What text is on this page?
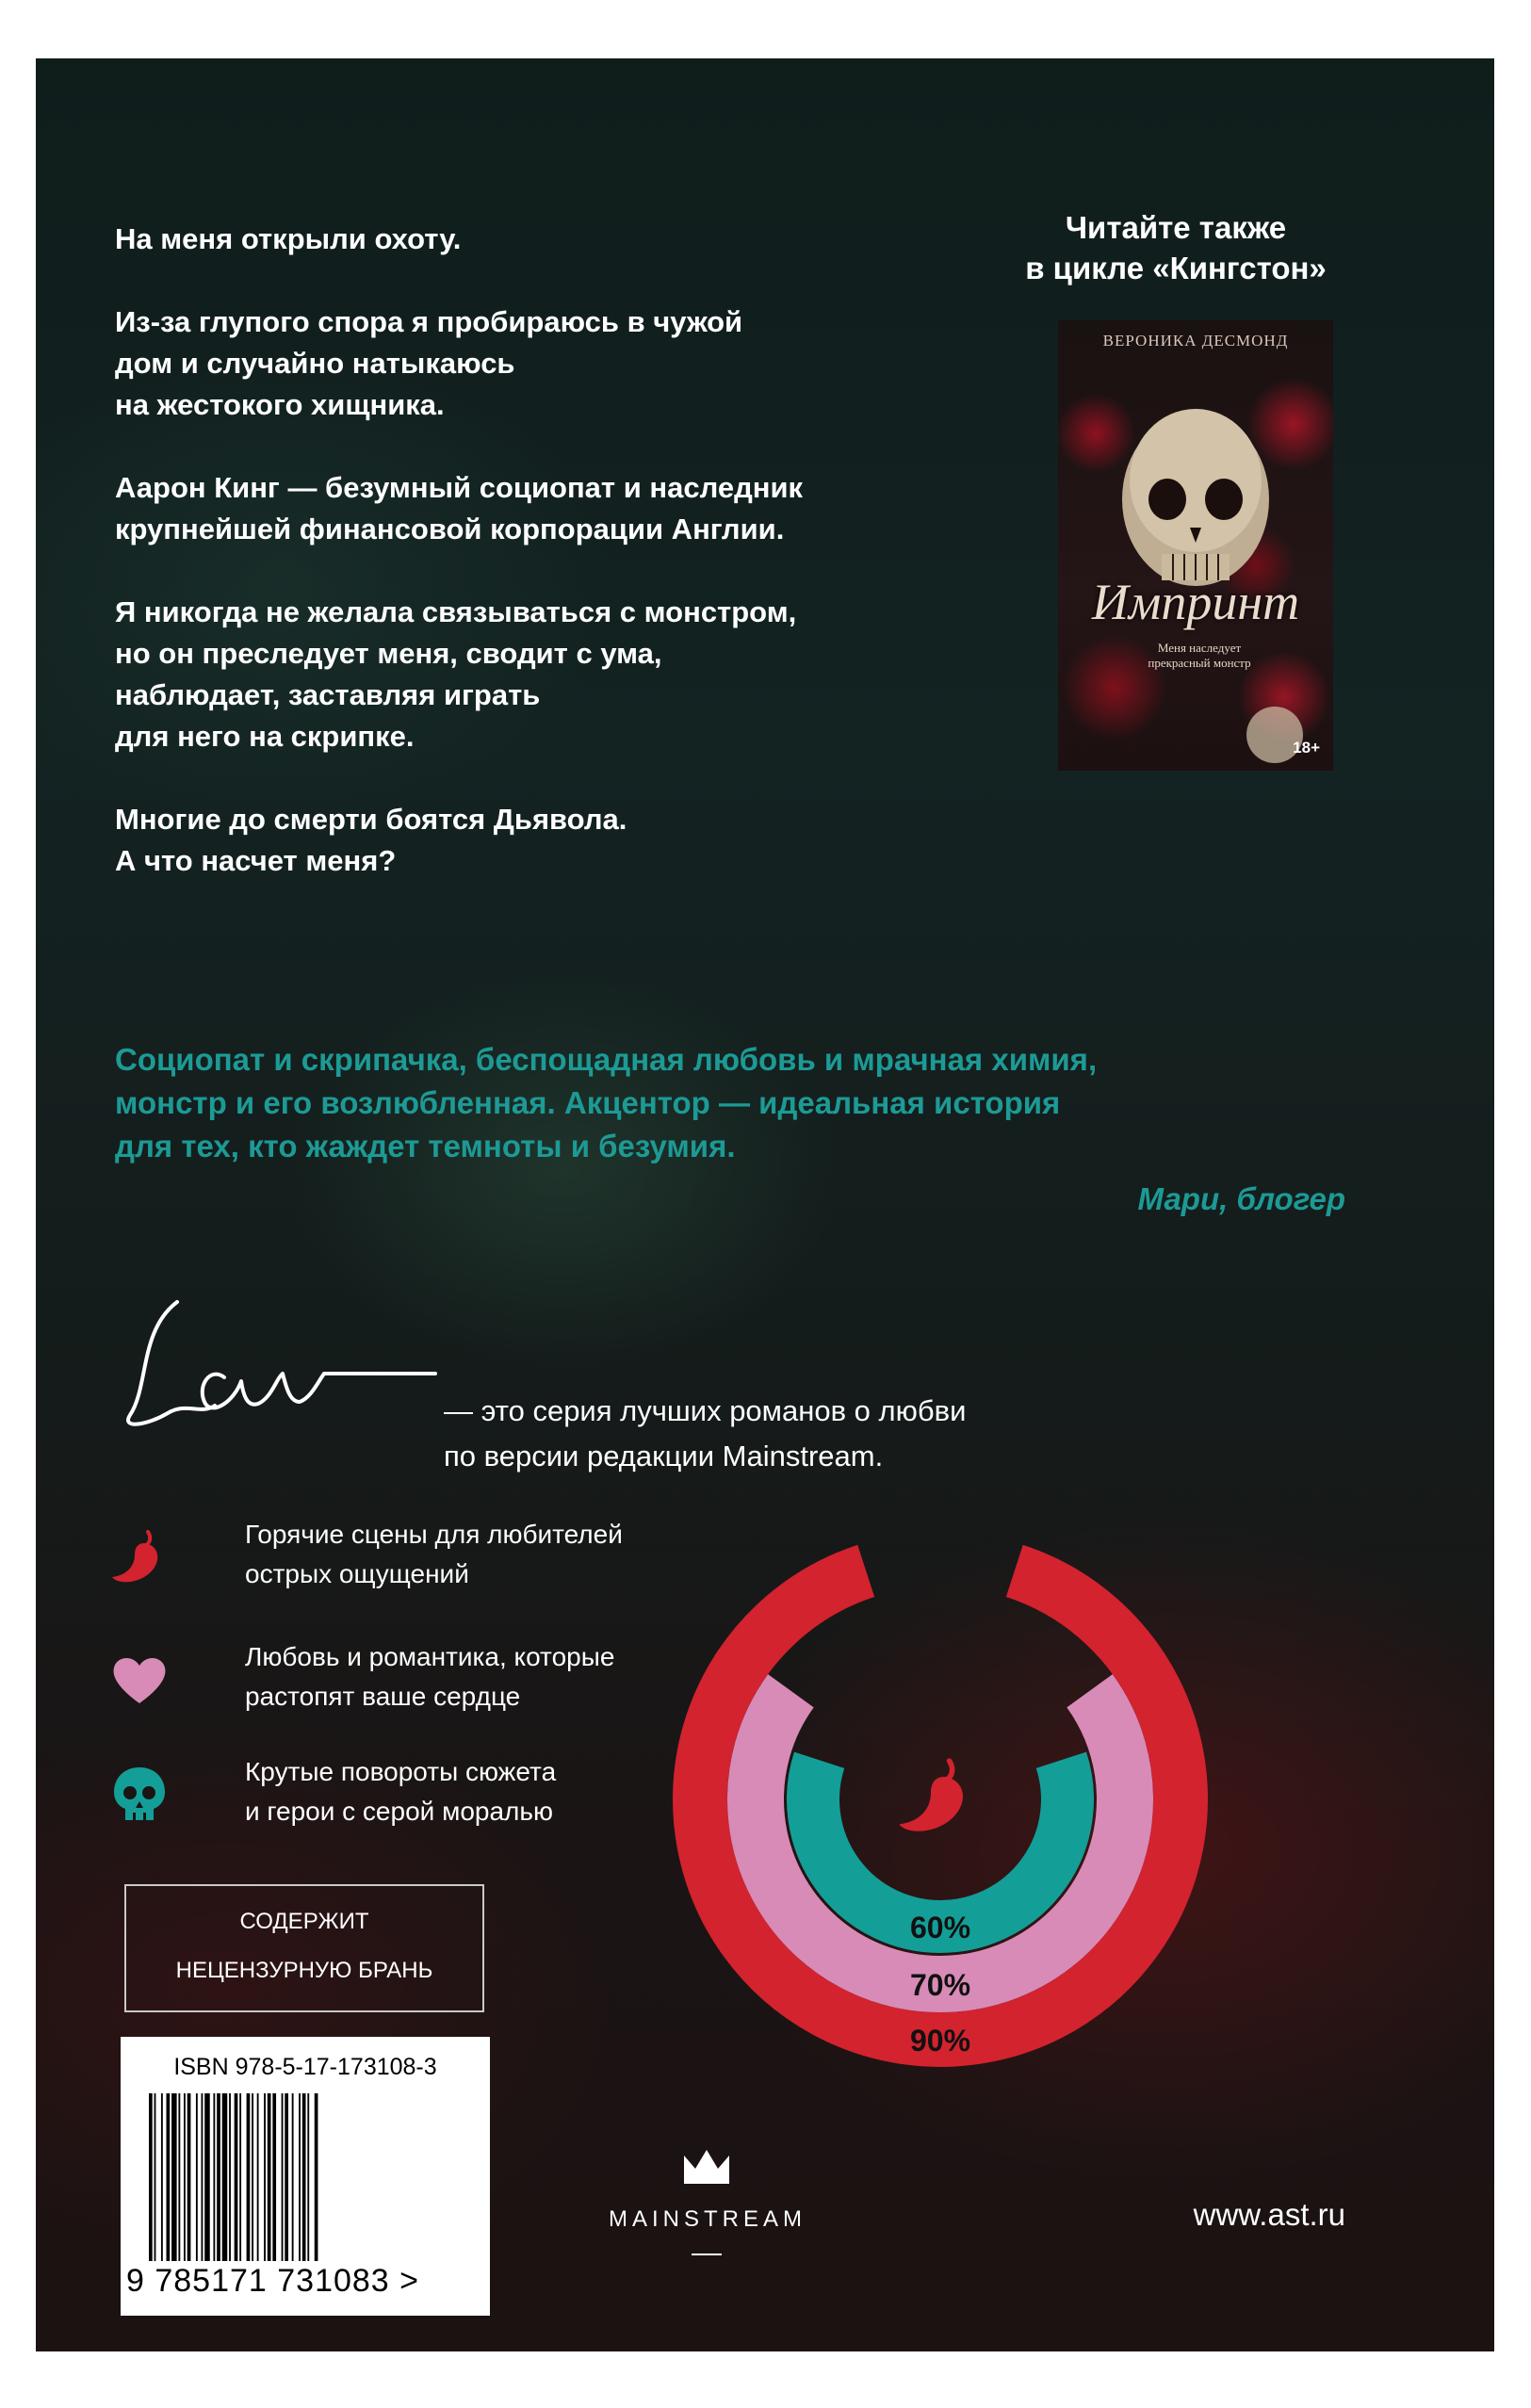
На меня открыли охоту.

Из-за глупого спора я пробираюсь в чужой
дом и случайно натыкаюсь
на жестокого хищника.

Аарон Кинг — безумный социопат и наследник
крупнейшей финансовой корпорации Англии.

Я никогда не желала связываться с монстром,
но он преследует меня, сводит с ума,
наблюдает, заставляя играть
для него на скрипке.

Многие до смерти боятся Дьявола.
А что насчет меня?

Читайте также
в цикле «Кингстон»
ВЕРОНИКА ДЕСМОНД
Импринт
Меня наследует
прекрасный монстр
18+
Социопат и скрипачка, беспощадная любовь и мрачная химия,
монстр и его возлюбленная. Акцентор — идеальная история
для тех, кто жаждет темноты и безумия.
Мари, блогер
— это серия лучших романов о любви
по версии редакции Mainstream.
Горячие сцены для любителей
острых ощущений
Любовь и романтика, которые
растопят ваше сердце
Крутые повороты сюжета
и герои с серой моралью
СОДЕРЖИТ
НЕЦЕНЗУРНУЮ БРАНЬ
ISBN 978-5-17-173108-3
9 785171 731083 >
90%
70%
60%
MAINSTREAM	www.ast.ru
